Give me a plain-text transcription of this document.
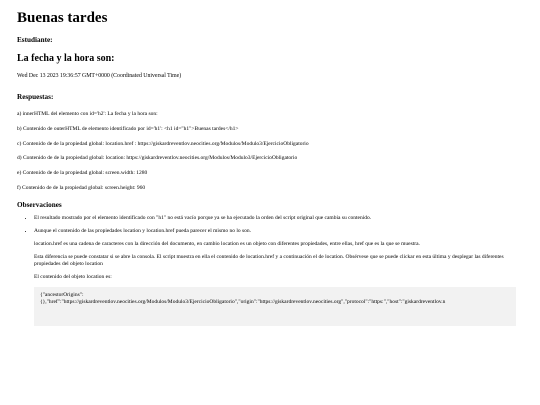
Buenas tardes

Estudiante:

La fecha y la hora son:

Wed Dec 13 2023 19:36:57 GMT+0000 (Coordinated Universal Time)

Respuestas:

a) innerHTML del elemento con id='h2': La fecha y la hora son:

b) Contenido de outerHTML de elemento identificado por id='h1': <h1 id="h1">Buenas tardes</h1>

c) Contenido de de la propiedad global: location.href : https://giskardreventlov.neocities.org/Modulos/Modulo3/EjercicioObligatorio

d) Contenido de de la propiedad global: location: https://giskardreventlov.neocities.org/Modulos/Modulo3/EjercicioObligatorio

e) Contenido de de la propiedad global: screen.width: 1280

f) Contenido de de la propiedad global: screen.height: 960

Observaciones
• El resultado mostrado por el elemento identificado con "h1" no está vacío porque ya se ha ejecutado la orden del script original que cambia su contenido.
• Aunque el contenido de las propiedades location y location.href pueda parecer el mismo no lo son.

location.href es una cadena de caracteres con la dirección del documento, en cambio location es un objeto con diferentes propiedades, entre ellas, href que es la que se muestra.

Esta diferencia se puede constatar si se abre la consola. El script muestra en ella el contenido de location.href y a continuación el de location. Obsérvese que se puede clickar en esta última y desplegar las diferentes propiedades del objeto location

El contenido del objeto location es:

{"ancestorOrigins":
{},"href":"https://giskardreventlov.neocities.org/Modulos/Modulo3/EjercicioObligatorio","origin":"https://giskardreventlov.neocities.org","protocol":"https:","host":"giskardreventlov.n
